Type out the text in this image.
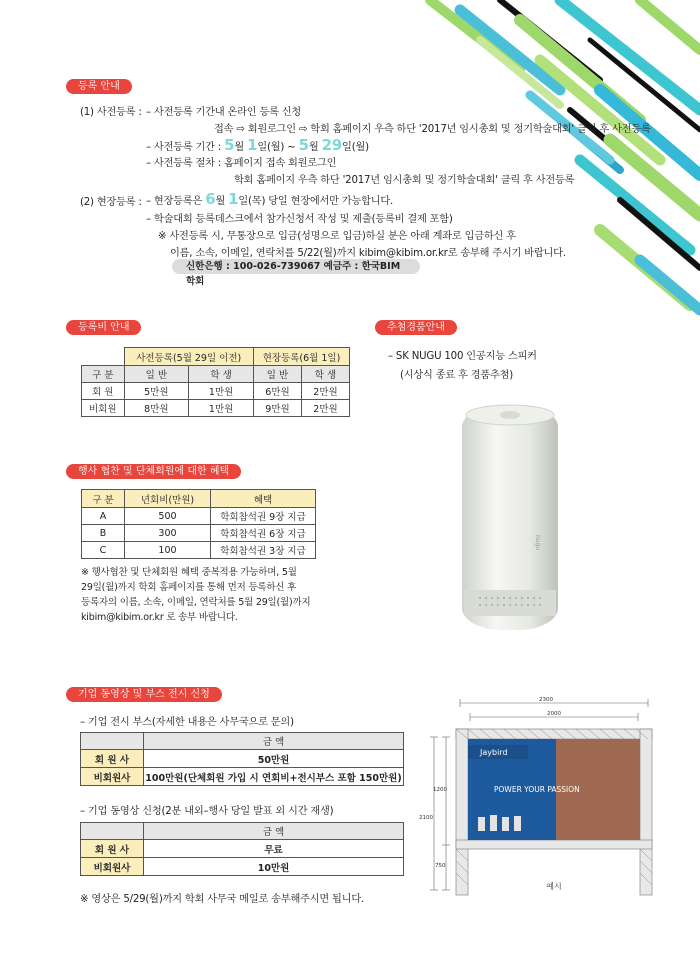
등록 안내
(1) 사전등록 : – 사전등록 기간내 온라인 등록 신청
접속 ⇨ 회원로그인 ⇨ 학회 홈페이지 우측 하단 '2017년 임시총회 및 정기학술대회' 클릭 후 사전등록
– 사전등록 기간 : 5월 1일(월) ~ 5월 29일(월)
– 사전등록 절차 : 홈페이지 접속 회원로그인
학회 홈페이지 우측 하단 '2017년 임시총회 및 정기학술대회' 클릭 후 사전등록
(2) 현장등록 : – 현장등록은 6월 1일(목) 당일 현장에서만 가능합니다.
– 학술대회 등록데스크에서 참가신청서 작성 및 제출(등록비 결제 포함)
※ 사전등록 시, 무통장으로 입금(성명으로 입금)하실 분은 아래 계좌로 입금하신 후
이름, 소속, 이메일, 연락처를 5/22(월)까지 kibim@kibim.or.kr로 송부해 주시기 바랍니다.
신한은행 : 100-026-739067 예금주 : 한국BIM학회
등록비 안내
	사전등록(5월 29일 이전)		현장등록(6월 1일)	
구 분	일 반	학 생	일 반	학 생
회 원	5만원	1만원	6만원	2만원
비회원	8만원	1만원	9만원	2만원
추첨경품안내
– SK NUGU 100 인공지능 스피커
(시상식 종료 후 경품추첨)
nugu
행사 협찬 및 단체회원에 대한 혜택
구 분	년회비(만원)	혜택
A	500	학회참석권 9장 지급
B	300	학회참석권 6장 지급
C	100	학회참석권 3장 지급
※ 행사협찬 및 단체회원 혜택 중복적용 가능하며, 5월
29일(월)까지 학회 홈페이지를 통해 먼저 등록하신 후
등록자의 이름, 소속, 이메일, 연락처를 5월 29일(월)까지
kibim@kibim.or.kr 로 송부 바랍니다.
기업 동영상 및 부스 전시 신청
– 기업 전시 부스(자세한 내용은 사무국으로 문의)
	금 액
회 원 사	50만원
비회원사	100만원(단체회원 가입 시 연회비+전시부스 포함 150만원)
– 기업 동영상 신청(2분 내외–행사 당일 발표 외 시간 재생)
	금 액
회 원 사	무료
비회원사	10만원
※ 영상은 5/29(월)까지 학회 사무국 메일로 송부해주시면 됩니다.
2300
2000
2100
1200
750
Jaybird
POWER YOUR PASSION
예시
